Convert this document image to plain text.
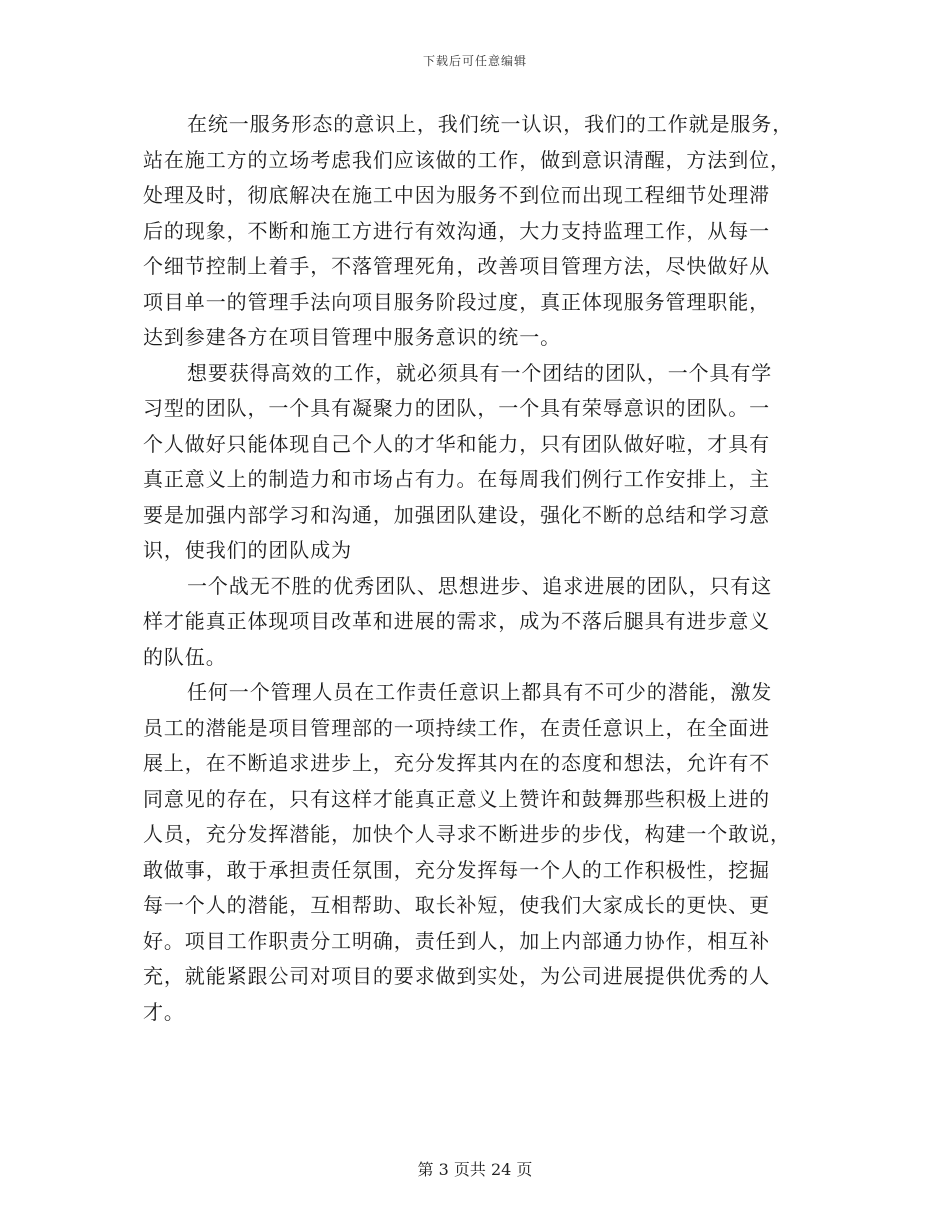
下载后可任意编辑
在统一服务形态的意识上，我们统一认识，我们的工作就是服务，
站在施工方的立场考虑我们应该做的工作，做到意识清醒，方法到位，
处理及时，彻底解决在施工中因为服务不到位而出现工程细节处理滞
后的现象，不断和施工方进行有效沟通，大力支持监理工作，从每一
个细节控制上着手，不落管理死角，改善项目管理方法，尽快做好从
项目单一的管理手法向项目服务阶段过度，真正体现服务管理职能，
达到参建各方在项目管理中服务意识的统一。
想要获得高效的工作，就必须具有一个团结的团队，一个具有学
习型的团队，一个具有凝聚力的团队，一个具有荣辱意识的团队。一
个人做好只能体现自己个人的才华和能力，只有团队做好啦，才具有
真正意义上的制造力和市场占有力。在每周我们例行工作安排上，主
要是加强内部学习和沟通，加强团队建设，强化不断的总结和学习意
识，使我们的团队成为
一个战无不胜的优秀团队、思想进步、追求进展的团队，只有这
样才能真正体现项目改革和进展的需求，成为不落后腿具有进步意义
的队伍。
任何一个管理人员在工作责任意识上都具有不可少的潜能，激发
员工的潜能是项目管理部的一项持续工作，在责任意识上，在全面进
展上，在不断追求进步上，充分发挥其内在的态度和想法，允许有不
同意见的存在，只有这样才能真正意义上赞许和鼓舞那些积极上进的
人员，充分发挥潜能，加快个人寻求不断进步的步伐，构建一个敢说，
敢做事，敢于承担责任氛围，充分发挥每一个人的工作积极性，挖掘
每一个人的潜能，互相帮助、取长补短，使我们大家成长的更快、更
好。项目工作职责分工明确，责任到人，加上内部通力协作，相互补
充，就能紧跟公司对项目的要求做到实处，为公司进展提供优秀的人
才。
第 3 页共 24 页
